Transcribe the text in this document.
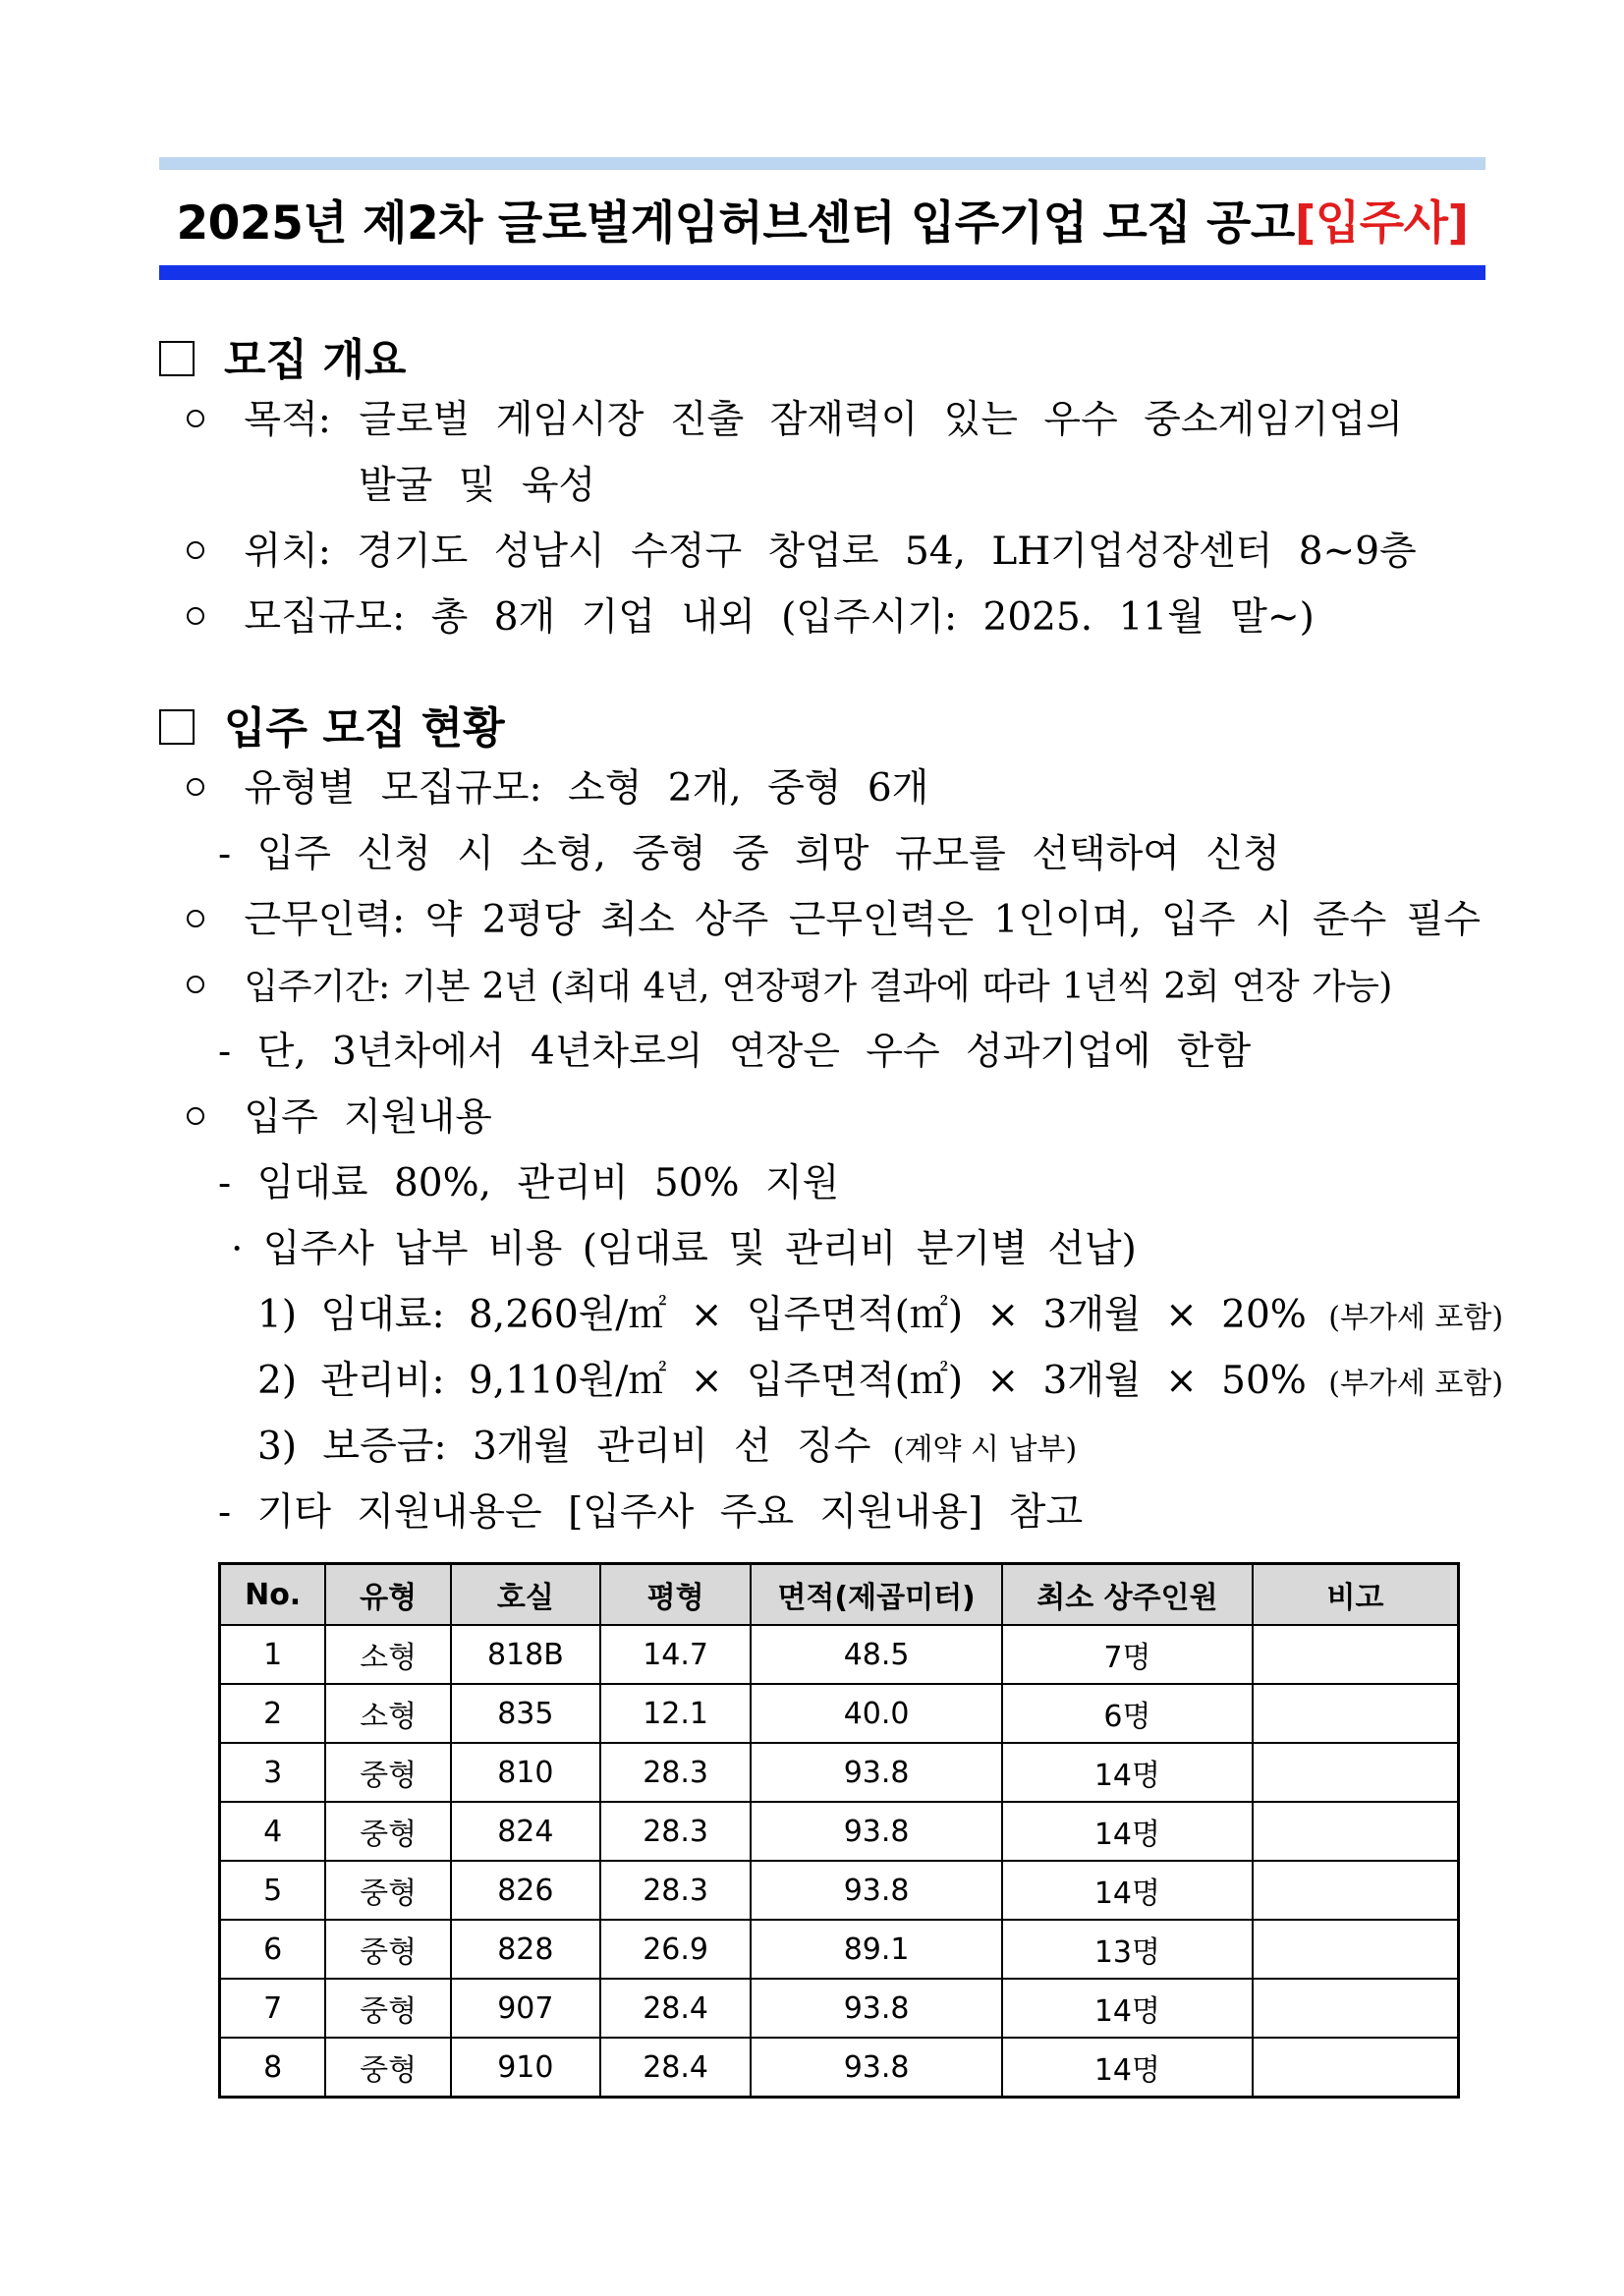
2025년 제2차 글로벌게임허브센터 입주기업 모집 공고[입주사]
모집 개요
목적: 글로벌 게임시장 진출 잠재력이 있는 우수 중소게임기업의
발굴 및 육성
위치: 경기도 성남시 수정구 창업로 54, LH기업성장센터 8~9층
모집규모: 총 8개 기업 내외 (입주시기: 2025. 11월 말~)
입주 모집 현황
유형별 모집규모: 소형 2개, 중형 6개
- 입주 신청 시 소형, 중형 중 희망 규모를 선택하여 신청
근무인력: 약 2평당 최소 상주 근무인력은 1인이며, 입주 시 준수 필수
입주기간: 기본 2년 (최대 4년, 연장평가 결과에 따라 1년씩 2회 연장 가능)
- 단, 3년차에서 4년차로의 연장은 우수 성과기업에 한함
입주 지원내용
- 임대료 80%, 관리비 50% 지원
· 입주사 납부 비용 (임대료 및 관리비 분기별 선납)
1) 임대료: 8,260원/㎡ × 입주면적(㎡) × 3개월 × 20% (부가세 포함)
2) 관리비: 9,110원/㎡ × 입주면적(㎡) × 3개월 × 50% (부가세 포함)
3) 보증금: 3개월 관리비 선 징수 (계약 시 납부)
- 기타 지원내용은 [입주사 주요 지원내용] 참고
No.	유형	호실	평형	면적(제곱미터)	최소 상주인원	비고
1	소형	818B	14.7	48.5	7명	
2	소형	835	12.1	40.0	6명	
3	중형	810	28.3	93.8	14명	
4	중형	824	28.3	93.8	14명	
5	중형	826	28.3	93.8	14명	
6	중형	828	26.9	89.1	13명	
7	중형	907	28.4	93.8	14명	
8	중형	910	28.4	93.8	14명	
